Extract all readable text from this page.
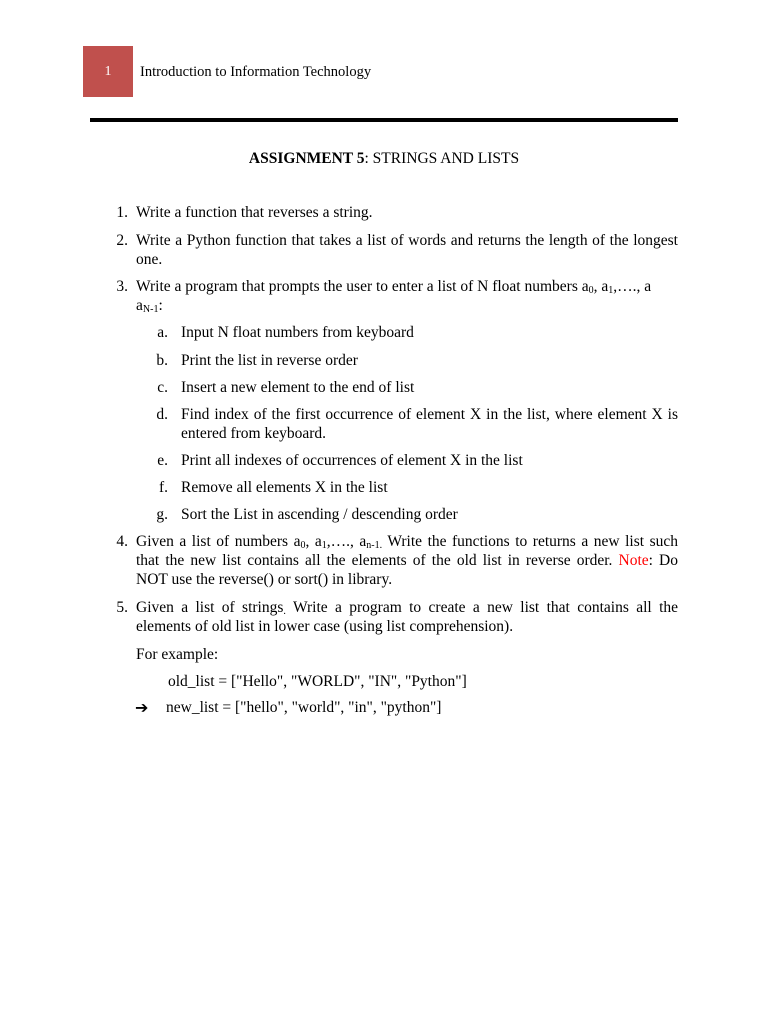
1 Introduction to Information Technology
ASSIGNMENT 5: STRINGS AND LISTS
1. Write a function that reverses a string.
2. Write a Python function that takes a list of words and returns the length of the longest one.
3. Write a program that prompts the user to enter a list of N float numbers $a_0$, $a_1,\dots$., a
$a_{N-1}$:
a. Input N float numbers from keyboard
b. Print the list in reverse order
c. Insert a new element to the end of list
d. Find index of the first occurrence of element X in the list, where element X is entered from keyboard.
e. Print all indexes of occurrences of element X in the list
f. Remove all elements X in the list
g. Sort the List in ascending / descending order
4. Given a list of numbers $a_0$, $a_1,\dots$., $a_{n-1.}$ Write the functions to returns a new list such that the new list contains all the elements of the old list in reverse order. Note: Do NOT use the reverse() or sort() in library.
5. Given a list of strings$_.$ Write a program to create a new list that contains all the elements of old list in lower case (using list comprehension).
For example:
old_list = ["Hello", "WORLD", "IN", "Python"]
➔ new_list = ["hello", "world", "in", "python"]
